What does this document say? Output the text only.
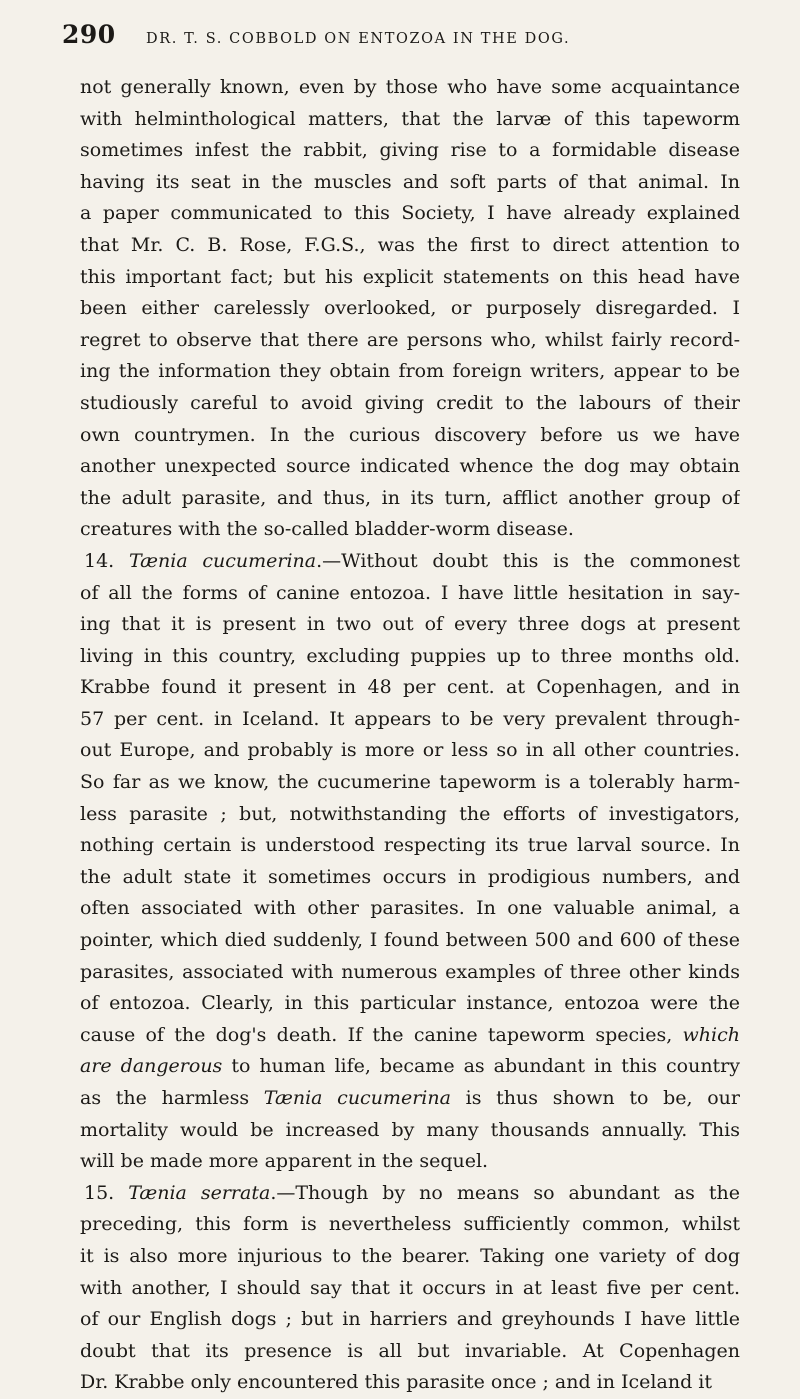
290	DR. T. S. COBBOLD ON ENTOZOA IN THE DOG.
not generally known, even by those who have some acquaintance
with helminthological matters, that the larvæ of this tapeworm
sometimes infest the rabbit, giving rise to a formidable disease
having its seat in the muscles and soft parts of that animal. In
a paper communicated to this Society, I have already explained
that Mr. C. B. Rose, F.G.S., was the first to direct attention to
this important fact; but his explicit statements on this head have
been either carelessly overlooked, or purposely disregarded. I
regret to observe that there are persons who, whilst fairly record-
ing the information they obtain from foreign writers, appear to be
studiously careful to avoid giving credit to the labours of their
own countrymen. In the curious discovery before us we have
another unexpected source indicated whence the dog may obtain
the adult parasite, and thus, in its turn, afflict another group of
creatures with the so-called bladder-worm disease.
14. Tænia cucumerina.—Without doubt this is the commonest
of all the forms of canine entozoa. I have little hesitation in say-
ing that it is present in two out of every three dogs at present
living in this country, excluding puppies up to three months old.
Krabbe found it present in 48 per cent. at Copenhagen, and in
57 per cent. in Iceland. It appears to be very prevalent through-
out Europe, and probably is more or less so in all other countries.
So far as we know, the cucumerine tapeworm is a tolerably harm-
less parasite ; but, notwithstanding the efforts of investigators,
nothing certain is understood respecting its true larval source. In
the adult state it sometimes occurs in prodigious numbers, and
often associated with other parasites. In one valuable animal, a
pointer, which died suddenly, I found between 500 and 600 of these
parasites, associated with numerous examples of three other kinds
of entozoa. Clearly, in this particular instance, entozoa were the
cause of the dog's death. If the canine tapeworm species, which
are dangerous to human life, became as abundant in this country
as the harmless Tænia cucumerina is thus shown to be, our
mortality would be increased by many thousands annually. This
will be made more apparent in the sequel.
15. Tænia serrata.—Though by no means so abundant as the
preceding, this form is nevertheless sufficiently common, whilst
it is also more injurious to the bearer. Taking one variety of dog
with another, I should say that it occurs in at least five per cent.
of our English dogs ; but in harriers and greyhounds I have little
doubt that its presence is all but invariable. At Copenhagen
Dr. Krabbe only encountered this parasite once ; and in Iceland it
